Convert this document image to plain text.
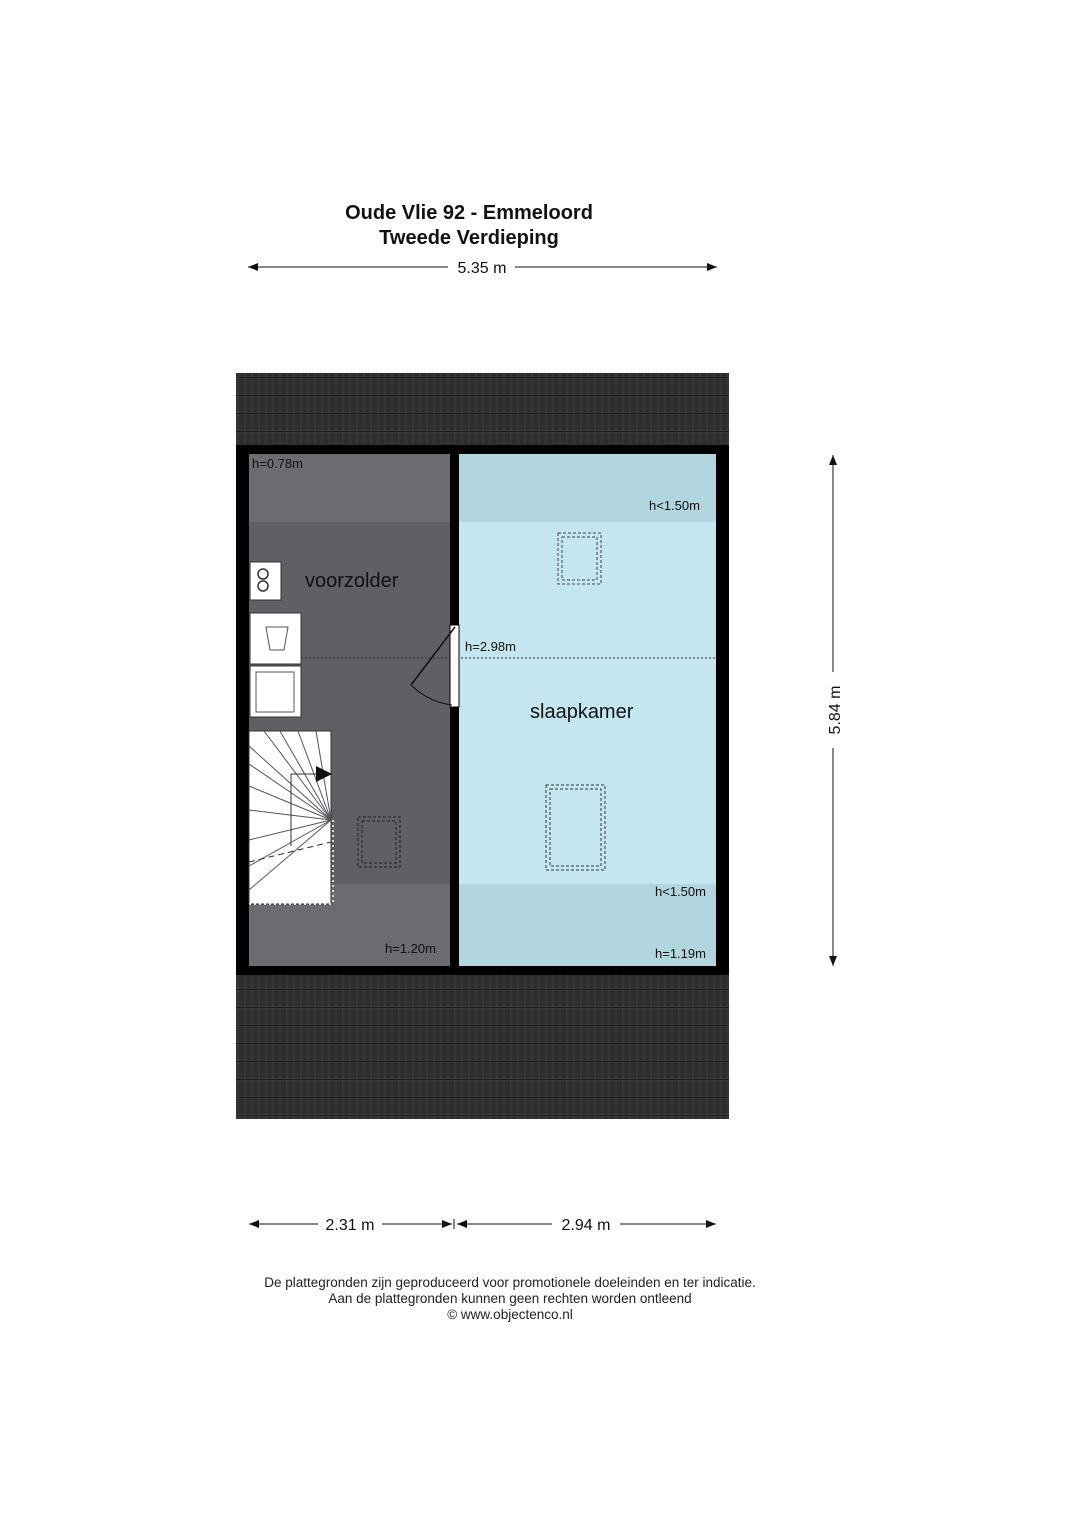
Oude Vlie 92 - Emmeloord
Tweede Verdieping
voorzolder
h=0.78m
h=1.20m
slaapkamer
h<1.50m
h=2.98m
h<1.50m
h=1.19m
5.35 m
5.84 m
2.31 m	2.94 m
De plattegronden zijn geproduceerd voor promotionele doeleinden en ter indicatie.
Aan de plattegronden kunnen geen rechten worden ontleend
© www.objectenco.nl
